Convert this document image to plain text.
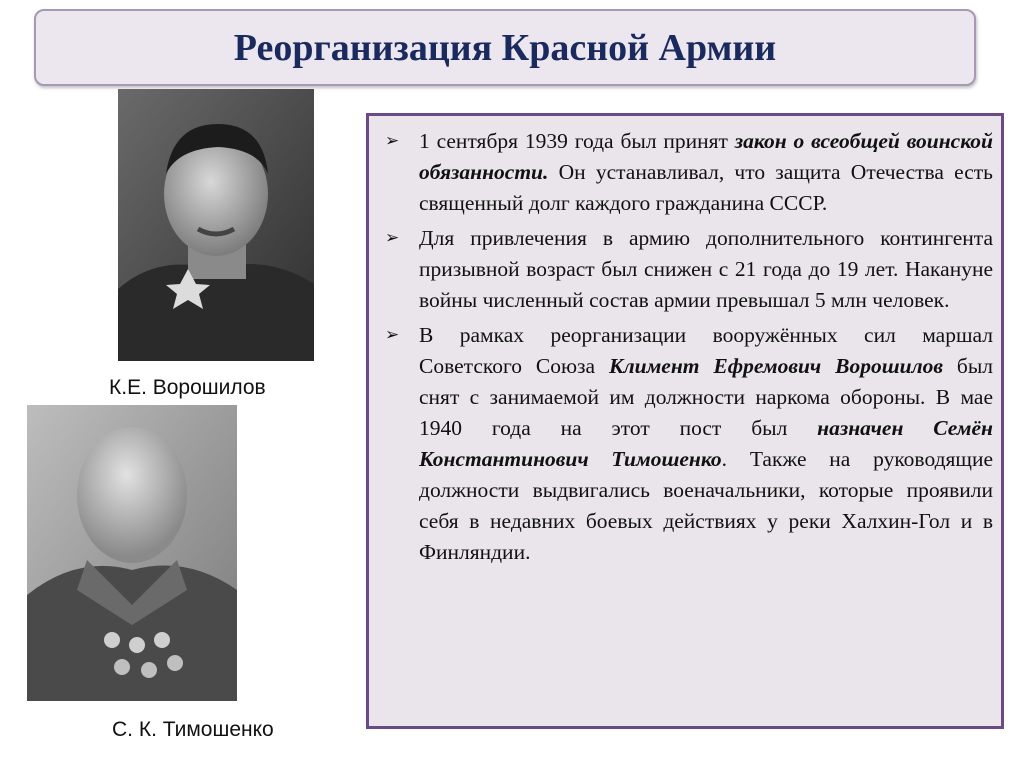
Реорганизация Красной Армии
К.Е. Ворошилов
С. К. Тимошенко
➢ 1 сентября 1939 года был принят закон о всеобщей воинской обязанности. Он устанавливал, что защита Отечества есть священный долг каждого гражданина СССР.
➢ Для привлечения в армию дополнительного контингента призывной возраст был снижен с 21 года до 19 лет. Накануне войны численный состав армии превышал 5 млн человек.
➢ В рамках реорганизации вооружённых сил маршал Советского Союза Климент Ефремович Ворошилов был снят с занимаемой им должности наркома обороны. В мае 1940 года на этот пост был назначен Семён Константинович Тимошенко. Также на руководящие должности выдвигались военачальники, которые проявили себя в недавних боевых действиях у реки Халхин-Гол и в Финляндии.
